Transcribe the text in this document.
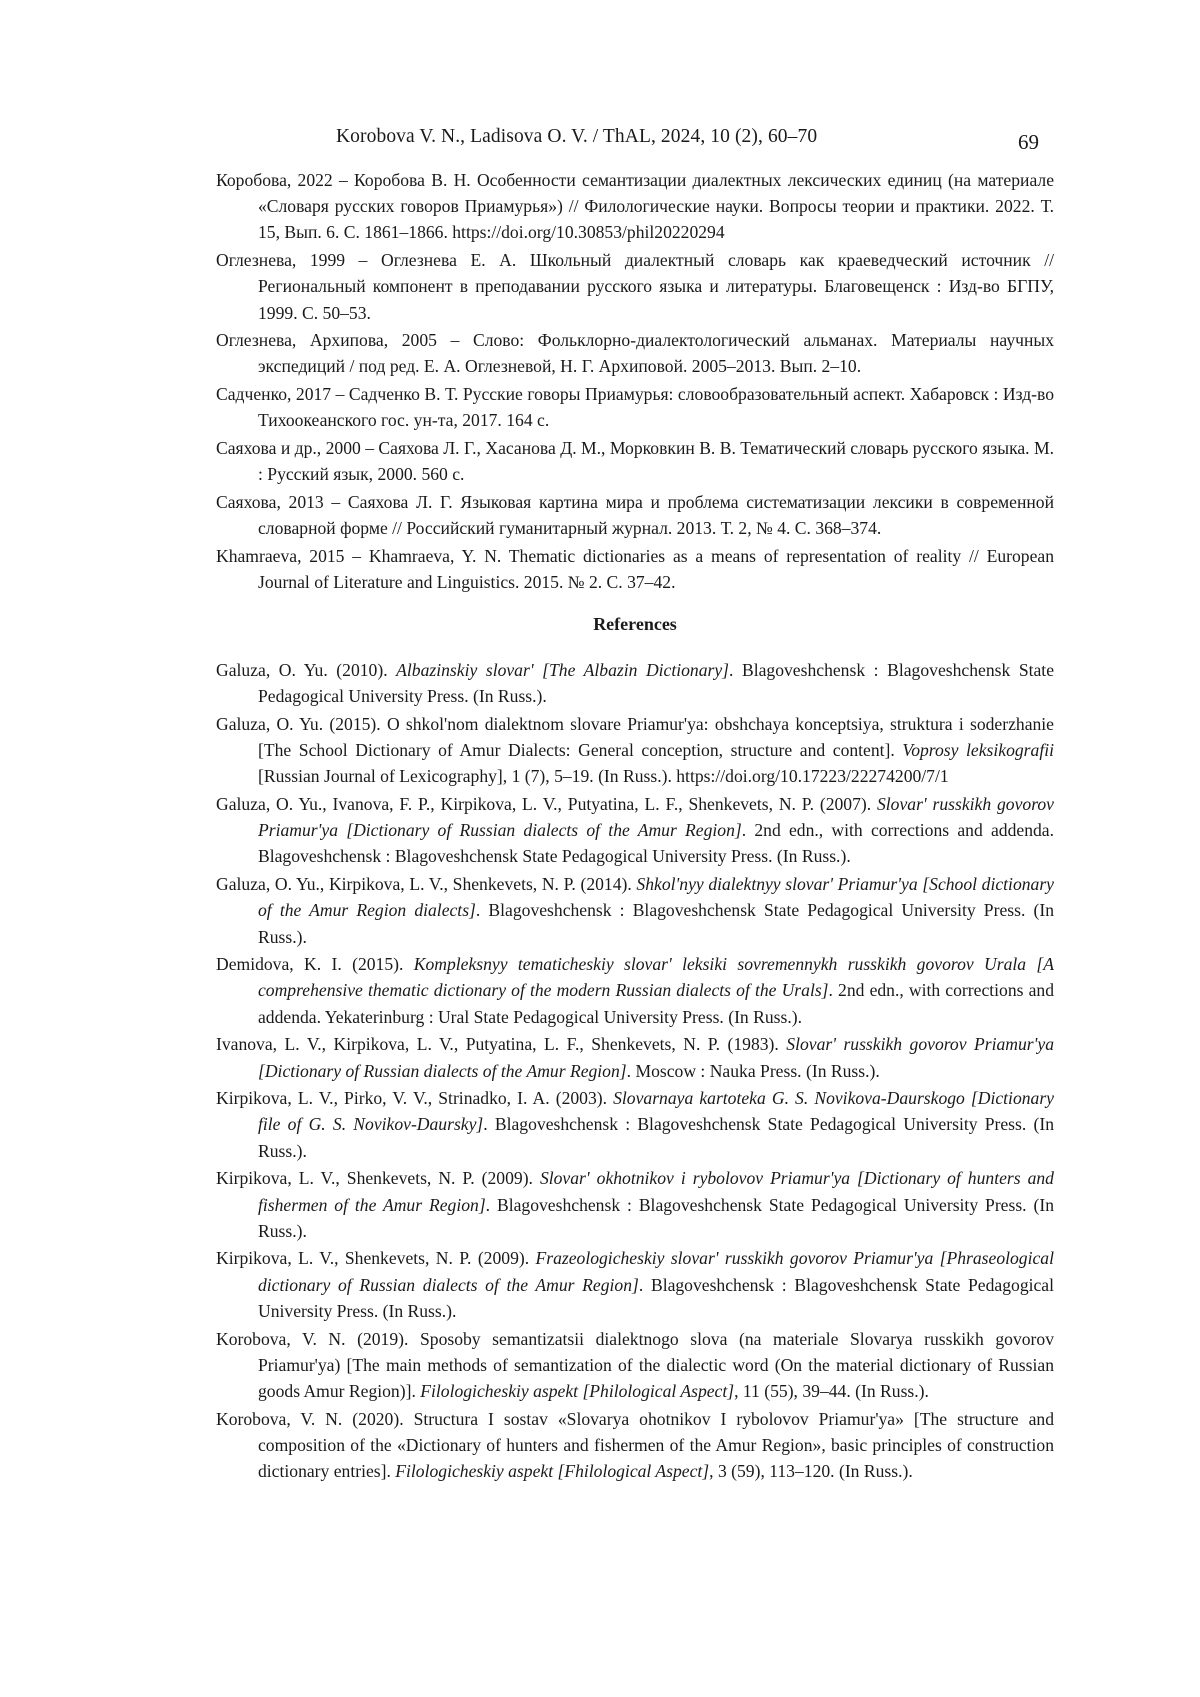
Korobova V. N., Ladisova O. V. / ThAL, 2024, 10 (2), 60–70	69

Коробова, 2022 – Коробова В. Н. Особенности семантизации диалектных лексических единиц (на материале «Словаря русских говоров Приамурья») // Филологические науки. Вопросы теории и практики. 2022. Т. 15, Вып. 6. С. 1861–1866. https://doi.org/10.30853/phil20220294

Оглезнева, 1999 – Оглезнева Е. А. Школьный диалектный словарь как краеведческий источник // Региональный компонент в преподавании русского языка и литературы. Благовещенск : Изд-во БГПУ, 1999. С. 50–53.

Оглезнева, Архипова, 2005 – Слово: Фольклорно-диалектологический альманах. Материалы научных экспедиций / под ред. Е. А. Оглезневой, Н. Г. Архиповой. 2005–2013. Вып. 2–10.

Садченко, 2017 – Садченко В. Т. Русские говоры Приамурья: словообразовательный аспект. Хабаровск : Изд-во Тихоокеанского гос. ун-та, 2017. 164 с.

Саяхова и др., 2000 – Саяхова Л. Г., Хасанова Д. М., Морковкин В. В. Тематический словарь русского языка. М. : Русский язык, 2000. 560 с.

Саяхова, 2013 – Саяхова Л. Г. Языковая картина мира и проблема систематизации лексики в современной словарной форме // Российский гуманитарный журнал. 2013. Т. 2, № 4. С. 368–374.

Khamraeva, 2015 – Khamraeva, Y. N. Thematic dictionaries as a means of representation of reality // European Journal of Literature and Linguistics. 2015. № 2. С. 37–42.

References

Galuza, O. Yu. (2010). Albazinskiy slovar' [The Albazin Dictionary]. Blagoveshchensk : Blagoveshchensk State Pedagogical University Press. (In Russ.).

Galuza, O. Yu. (2015). O shkol'nom dialektnom slovare Priamur'ya: obshchaya konceptsiya, struktura i soderzhanie [The School Dictionary of Amur Dialects: General conception, structure and content]. Voprosy leksikografii [Russian Journal of Lexicography], 1 (7), 5–19. (In Russ.). https://doi.org/10.17223/22274200/7/1

Galuza, O. Yu., Ivanova, F. P., Kirpikova, L. V., Putyatina, L. F., Shenkevets, N. P. (2007). Slovar' russkikh govorov Priamur'ya [Dictionary of Russian dialects of the Amur Region]. 2nd edn., with corrections and addenda. Blagoveshchensk : Blagoveshchensk State Pedagogical University Press. (In Russ.).

Galuza, O. Yu., Kirpikova, L. V., Shenkevets, N. P. (2014). Shkol'nyy dialektnyy slovar' Priamur'ya [School dictionary of the Amur Region dialects]. Blagoveshchensk : Blagoveshchensk State Pedagogical University Press. (In Russ.).

Demidova, K. I. (2015). Kompleksnyy tematicheskiy slovar' leksiki sovremennykh russkikh govorov Urala [A comprehensive thematic dictionary of the modern Russian dialects of the Urals]. 2nd edn., with corrections and addenda. Yekaterinburg : Ural State Pedagogical University Press. (In Russ.).

Ivanova, L. V., Kirpikova, L. V., Putyatina, L. F., Shenkevets, N. P. (1983). Slovar' russkikh govorov Priamur'ya [Dictionary of Russian dialects of the Amur Region]. Moscow : Nauka Press. (In Russ.).

Kirpikova, L. V., Pirko, V. V., Strinadko, I. A. (2003). Slovarnaya kartoteka G. S. Novikova-Daurskogo [Dictionary file of G. S. Novikov-Daursky]. Blagoveshchensk : Blagoveshchensk State Pedagogical University Press. (In Russ.).

Kirpikova, L. V., Shenkevets, N. P. (2009). Slovar' okhotnikov i rybolovov Priamur'ya [Dictionary of hunters and fishermen of the Amur Region]. Blagoveshchensk : Blagoveshchensk State Pedagogical University Press. (In Russ.).

Kirpikova, L. V., Shenkevets, N. P. (2009). Frazeologicheskiy slovar' russkikh govorov Priamur'ya [Phraseological dictionary of Russian dialects of the Amur Region]. Blagoveshchensk : Blagoveshchensk State Pedagogical University Press. (In Russ.).

Korobova, V. N. (2019). Sposoby semantizatsii dialektnogo slova (na materiale Slovarya russkikh govorov Priamur'ya) [The main methods of semantization of the dialectic word (On the material dictionary of Russian goods Amur Region)]. Filologicheskiy aspekt [Philological Aspect], 11 (55), 39–44. (In Russ.).

Korobova, V. N. (2020). Structura I sostav «Slovarya ohotnikov I rybolovov Priamur'ya» [The structure and composition of the «Dictionary of hunters and fishermen of the Amur Region», basic principles of construction dictionary entries]. Filologicheskiy aspekt [Fhilological Aspect], 3 (59), 113–120. (In Russ.).
